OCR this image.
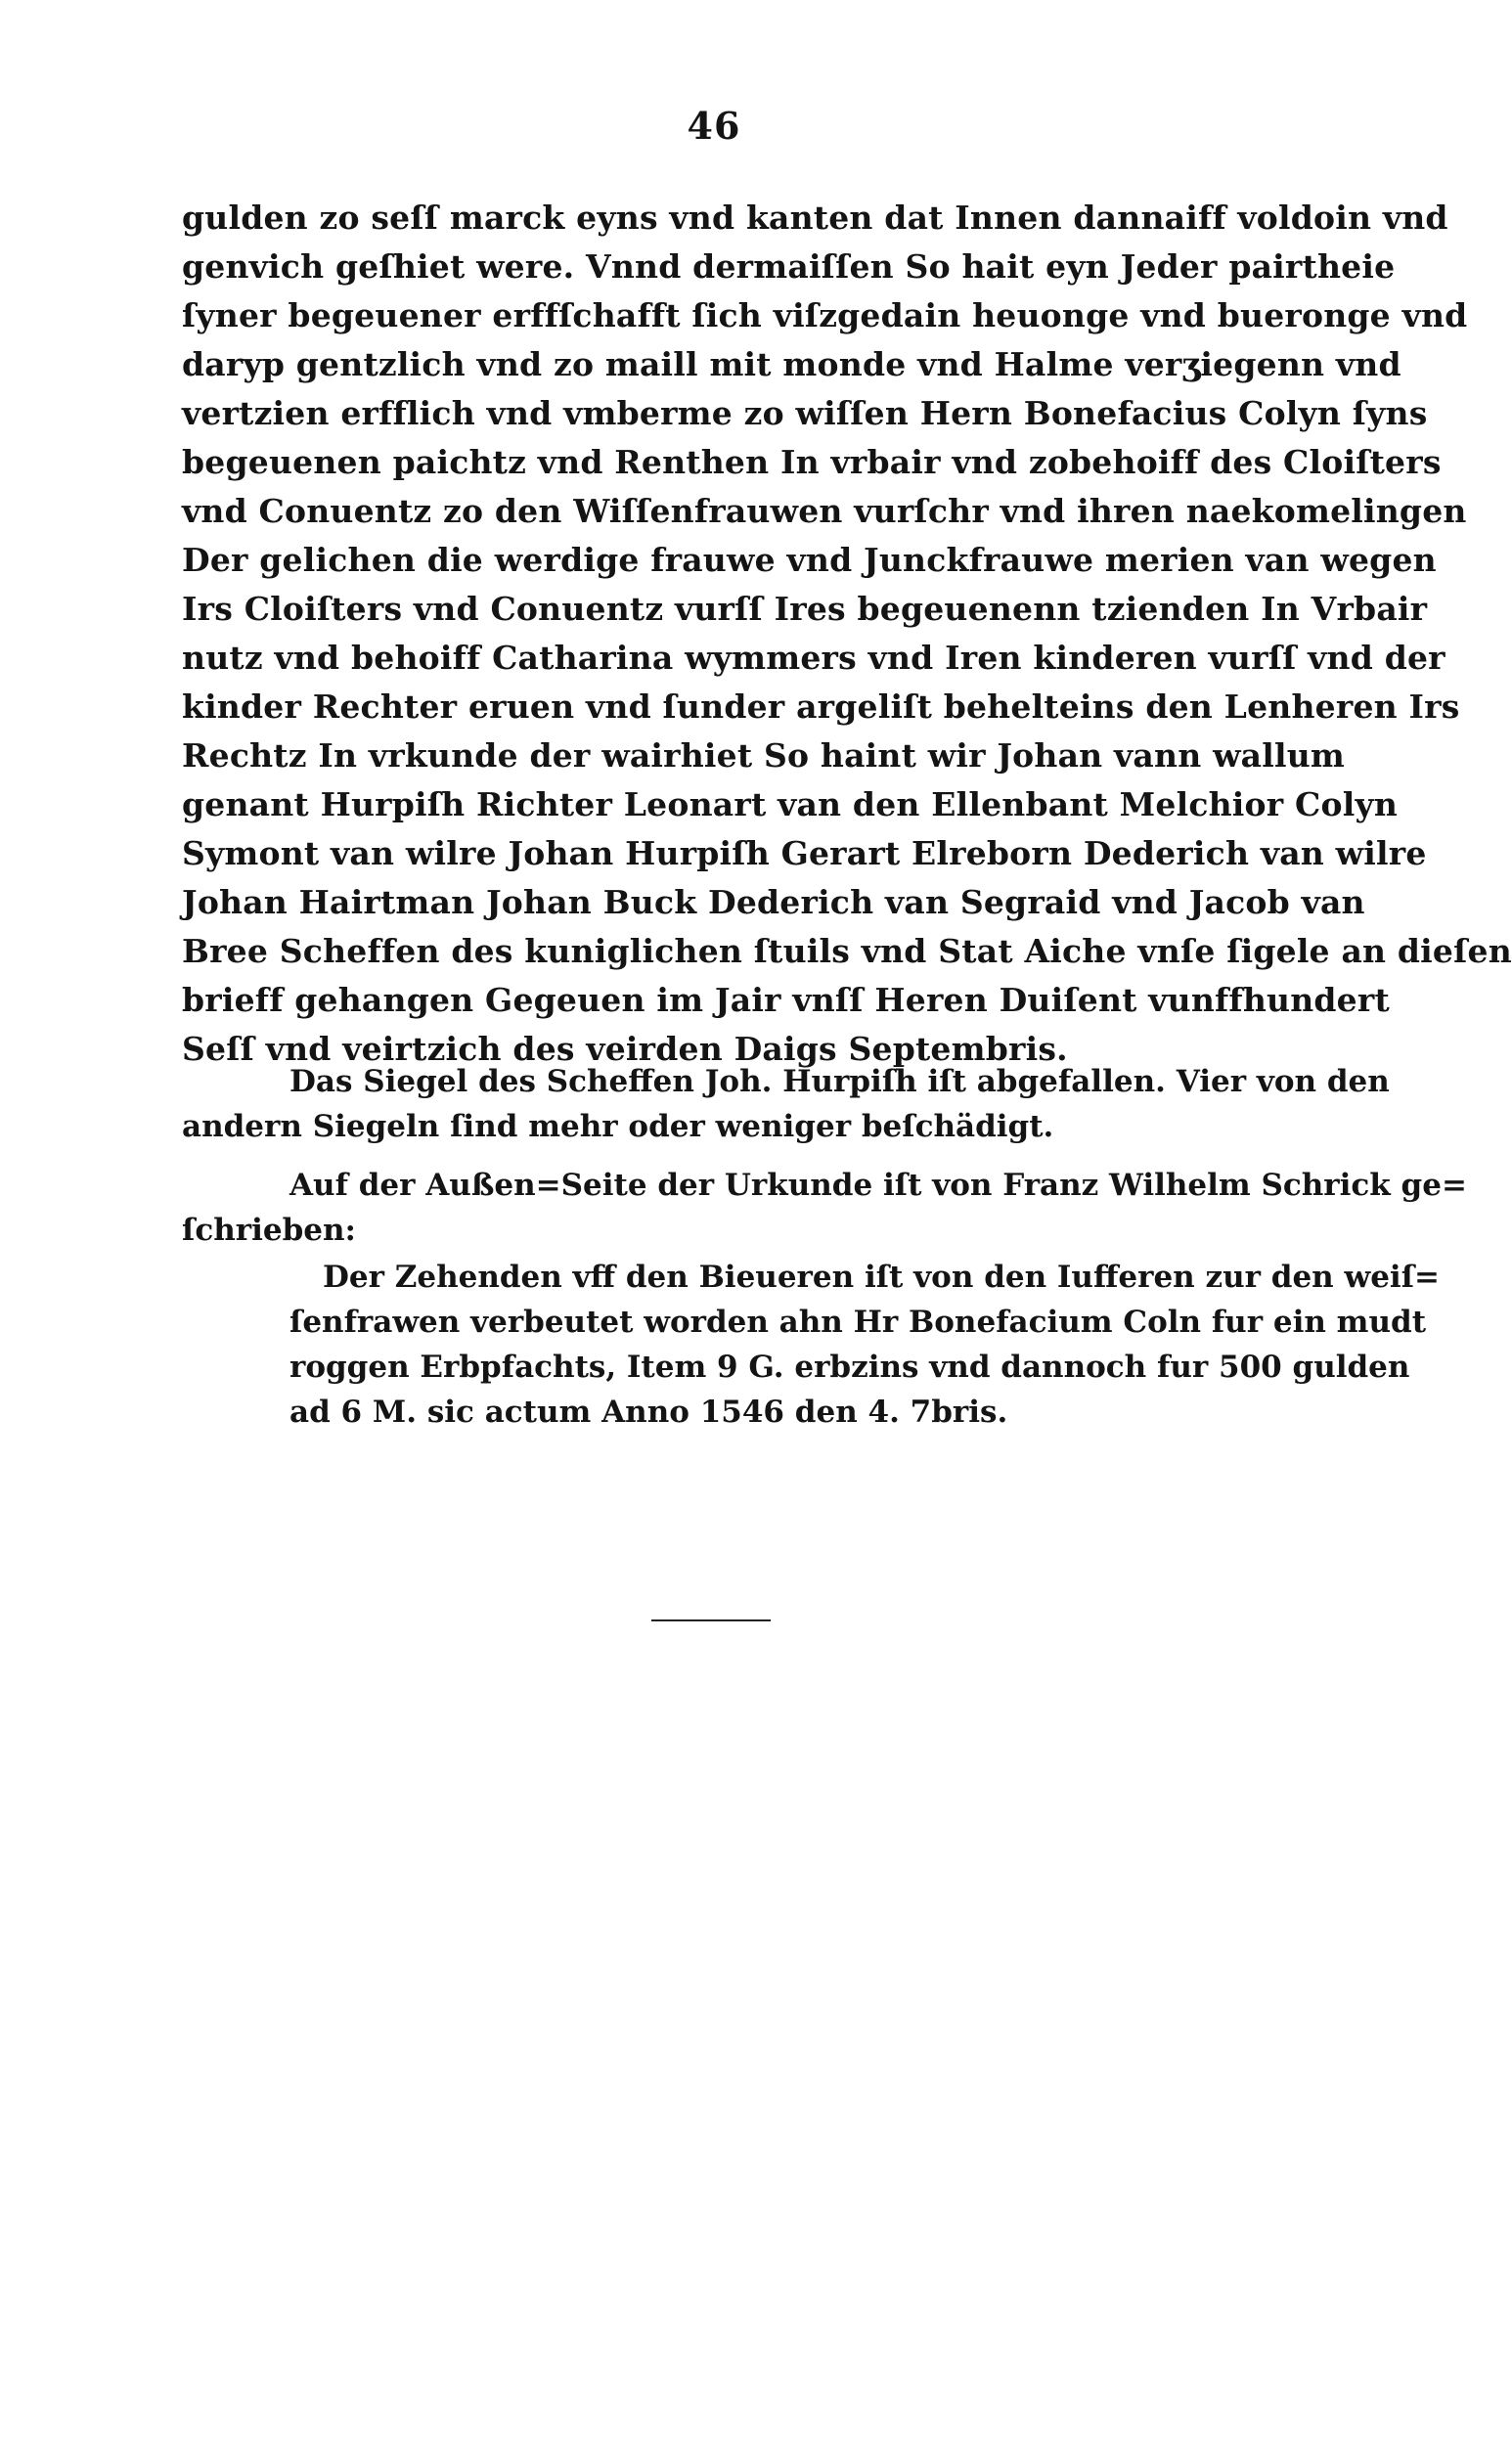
46
gulden zo seſſ marck eyns vnd kanten dat Innen dannaiff voldoin vnd
genvich geſhiet were. Vnnd dermaiſſen So hait eyn Jeder pairtheie
ſyner begeuener erffſchafft ſich viſzgedain heuonge vnd bueronge vnd
daryp gentzlich vnd zo maill mit monde vnd Halme verʒiegenn vnd
vertzien erfflich vnd vmberme zo wiſſen Hern Bonefacius Colyn ſyns
begeuenen paichtz vnd Renthen In vrbair vnd zobehoiff des Cloiſters
vnd Conuentz zo den Wiſſenfrauwen vurſchr vnd ihren naekomelingen
Der gelichen die werdige frauwe vnd Junckfrauwe merien van wegen
Irs Cloiſters vnd Conuentz vurſſ Ires begeuenenn tzienden In Vrbair
nutz vnd behoiff Catharina wymmers vnd Iren kinderen vurſſ vnd der
kinder Rechter eruen vnd ſunder argeliſt behelteins den Lenheren Irs
Rechtz In vrkunde der wairhiet So haint wir Johan vann wallum
genant Hurpiſh Richter Leonart van den Ellenbant Melchior Colyn
Symont van wilre Johan Hurpiſh Gerart Elreborn Dederich van wilre
Johan Hairtman Johan Buck Dederich van Segraid vnd Jacob van
Bree Scheffen des kuniglichen ſtuils vnd Stat Aiche vnſe ſigele an dieſen
brieff gehangen Gegeuen im Jair vnſſ Heren Duiſent vunffhundert
Seſſ vnd veirtzich des veirden Daigs Septembris.
Das Siegel des Scheffen Joh. Hurpiſh iſt abgefallen. Vier von den
andern Siegeln ſind mehr oder weniger beſchädigt.
Auf der Außen=Seite der Urkunde iſt von Franz Wilhelm Schrick ge=
ſchrieben:
Der Zehenden vff den Bieueren iſt von den Iufferen zur den weiſ=
ſenfrawen verbeutet worden ahn Hr Bonefacium Coln fur ein mudt
roggen Erbpfachts, Item 9 G. erbzins vnd dannoch fur 500 gulden
ad 6 M. sic actum Anno 1546 den 4. 7bris.
